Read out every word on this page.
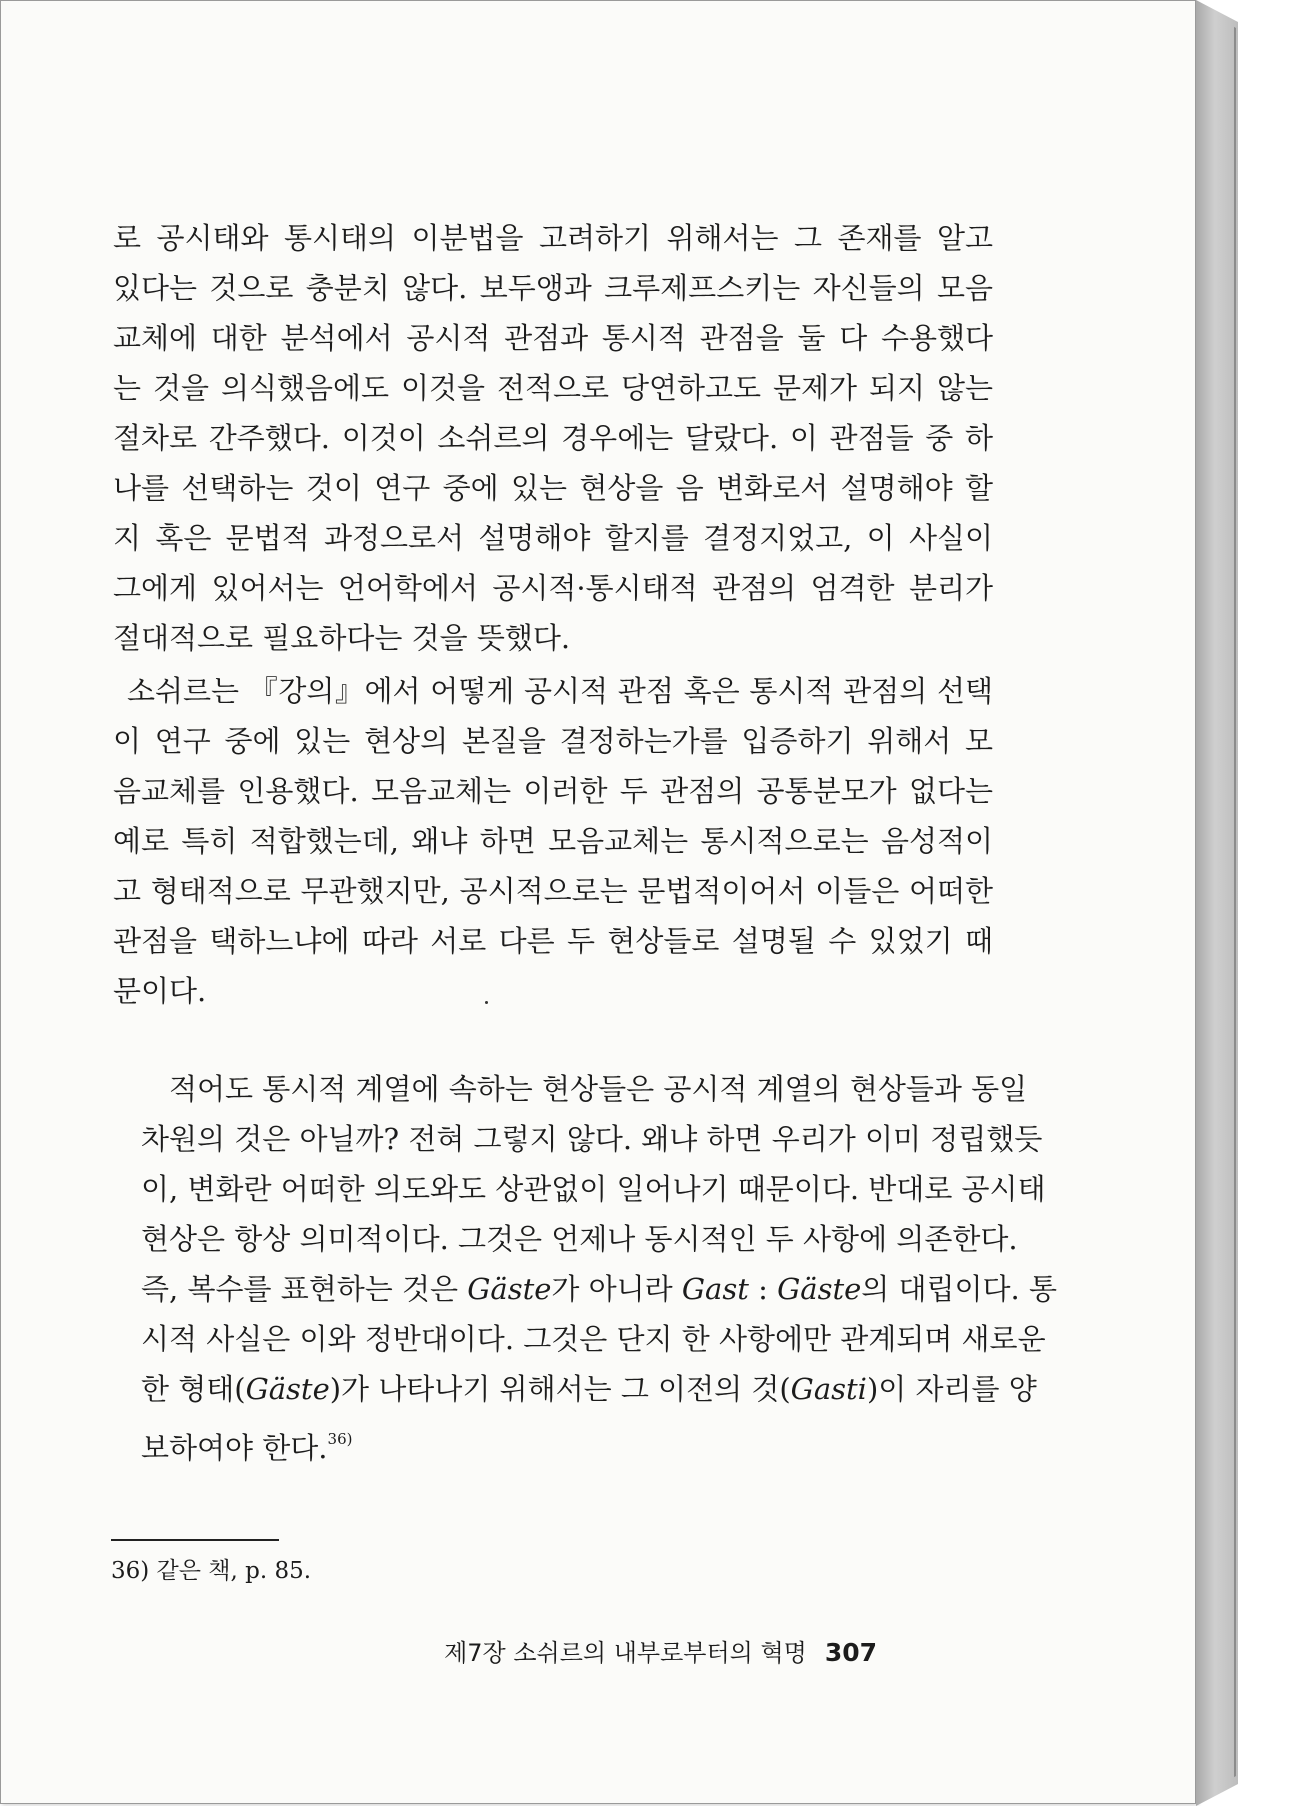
로 공시태와 통시태의 이분법을 고려하기 위해서는 그 존재를 알고
있다는 것으로 충분치 않다. 보두앵과 크루제프스키는 자신들의 모음
교체에 대한 분석에서 공시적 관점과 통시적 관점을 둘 다 수용했다
는 것을 의식했음에도 이것을 전적으로 당연하고도 문제가 되지 않는
절차로 간주했다. 이것이 소쉬르의 경우에는 달랐다. 이 관점들 중 하
나를 선택하는 것이 연구 중에 있는 현상을 음 변화로서 설명해야 할
지 혹은 문법적 과정으로서 설명해야 할지를 결정지었고, 이 사실이
그에게 있어서는 언어학에서 공시적·통시태적 관점의 엄격한 분리가
절대적으로 필요하다는 것을 뜻했다.
소쉬르는 『강의』에서 어떻게 공시적 관점 혹은 통시적 관점의 선택
이 연구 중에 있는 현상의 본질을 결정하는가를 입증하기 위해서 모
음교체를 인용했다. 모음교체는 이러한 두 관점의 공통분모가 없다는
예로 특히 적합했는데, 왜냐 하면 모음교체는 통시적으로는 음성적이
고 형태적으로 무관했지만, 공시적으로는 문법적이어서 이들은 어떠한
관점을 택하느냐에 따라 서로 다른 두 현상들로 설명될 수 있었기 때
문이다.
적어도 통시적 계열에 속하는 현상들은 공시적 계열의 현상들과 동일
차원의 것은 아닐까? 전혀 그렇지 않다. 왜냐 하면 우리가 이미 정립했듯
이, 변화란 어떠한 의도와도 상관없이 일어나기 때문이다. 반대로 공시태
현상은 항상 의미적이다. 그것은 언제나 동시적인 두 사항에 의존한다.
즉, 복수를 표현하는 것은 Gäste가 아니라 Gast : Gäste의 대립이다. 통
시적 사실은 이와 정반대이다. 그것은 단지 한 사항에만 관계되며 새로운
한 형태(Gäste)가 나타나기 위해서는 그 이전의 것(Gasti)이 자리를 양
보하여야 한다.$^{36)}$
36) 같은 책, p. 85.
제7장 소쉬르의 내부로부터의 혁명 307
